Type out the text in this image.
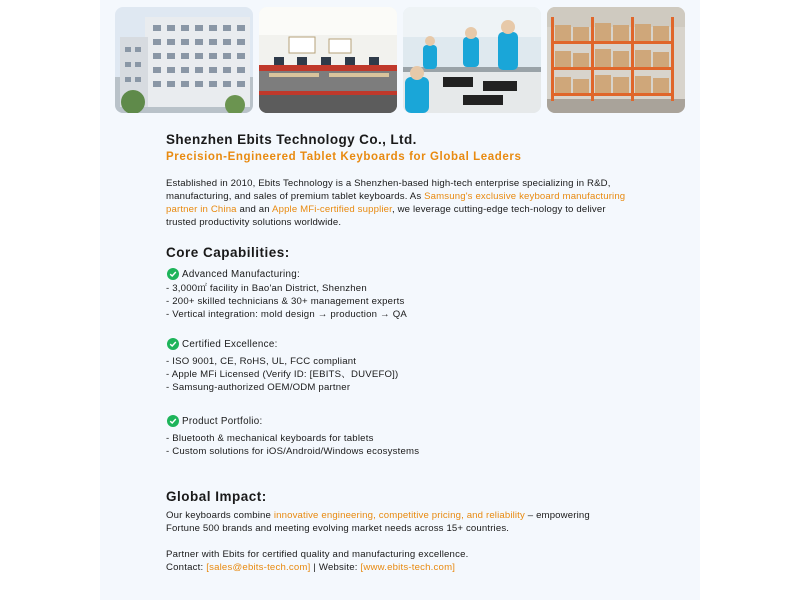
Shenzhen Ebits Technology Co., Ltd.
Precision-Engineered Tablet Keyboards for Global Leaders
Established in 2010, Ebits Technology is a Shenzhen-based high-tech enterprise specializing in R&D, manufacturing, and sales of premium tablet keyboards. As Samsung's exclusive keyboard manufacturing partner in China and an Apple MFi-certified supplier, we leverage cutting-edge tech-nology to deliver trusted productivity solutions worldwide.
Core Capabilities:
Advanced Manufacturing:
- 3,000㎡ facility in Bao'an District, Shenzhen
- 200+ skilled technicians & 30+ management experts
- Vertical integration: mold design → production → QA
Certified Excellence:
- ISO 9001, CE, RoHS, UL, FCC compliant
- Apple MFi Licensed (Verify ID: [EBITS、DUVEFO])
- Samsung-authorized OEM/ODM partner
Product Portfolio:
- Bluetooth & mechanical keyboards for tablets
- Custom solutions for iOS/Android/Windows ecosystems
Global Impact:
Our keyboards combine innovative engineering, competitive pricing, and reliability – empowering Fortune 500 brands and meeting evolving market needs across 15+ countries.
Partner with Ebits for certified quality and manufacturing excellence.
Contact: [sales@ebits-tech.com] | Website: [www.ebits-tech.com]
